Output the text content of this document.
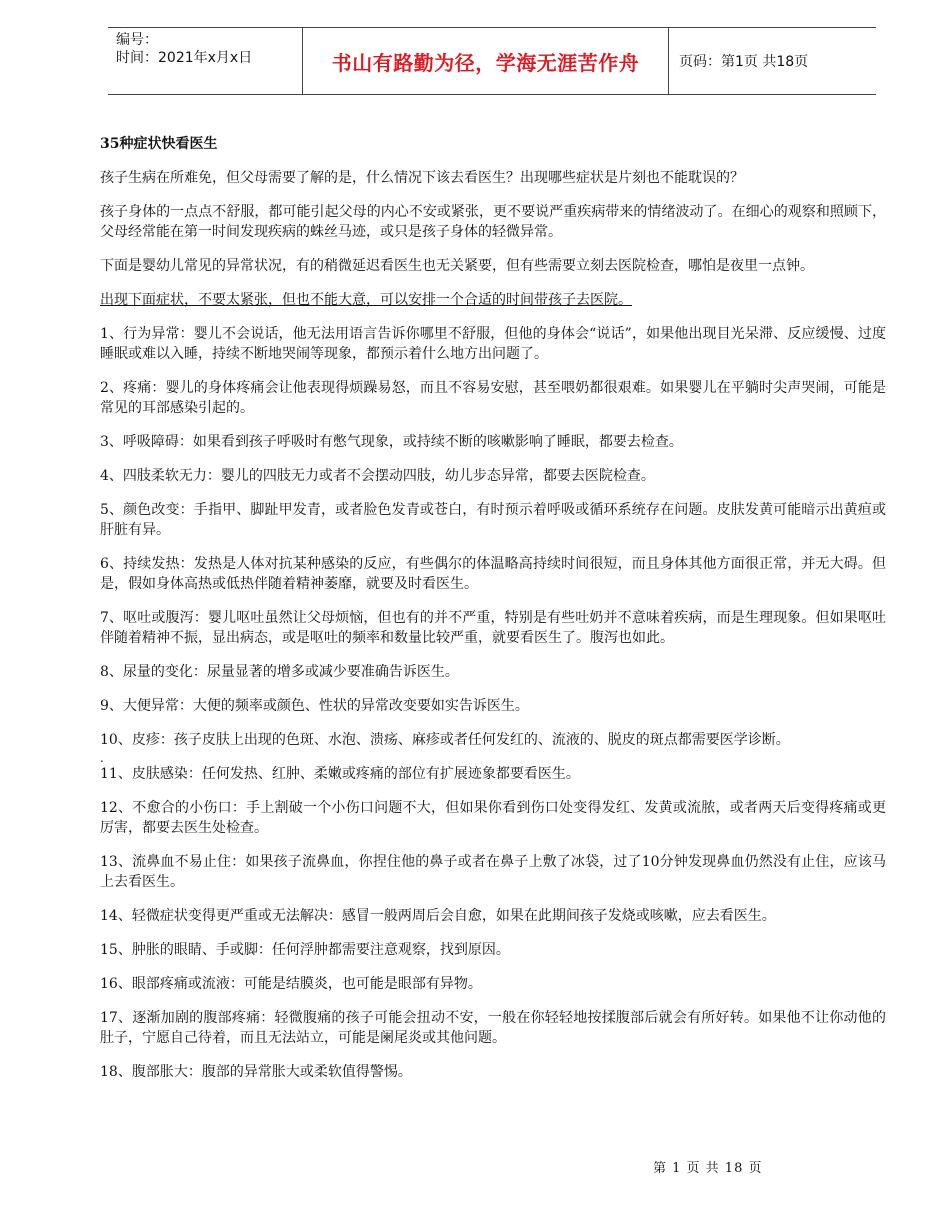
编号：
时间：2021年x月x日	书山有路勤为径，学海无涯苦作舟	页码：第1页 共18页
35种症状快看医生

孩子生病在所难免，但父母需要了解的是，什么情况下该去看医生？出现哪些症状是片刻也不能耽误的？

孩子身体的一点点不舒服，都可能引起父母的内心不安或紧张，更不要说严重疾病带来的情绪波动了。在细心的观察和照顾下，父母经常能在第一时间发现疾病的蛛丝马迹，或只是孩子身体的轻微异常。

下面是婴幼儿常见的异常状况，有的稍微延迟看医生也无关紧要，但有些需要立刻去医院检查，哪怕是夜里一点钟。

出现下面症状，不要太紧张，但也不能大意，可以安排一个合适的时间带孩子去医院。

1、行为异常：婴儿不会说话，他无法用语言告诉你哪里不舒服，但他的身体会“说话”，如果他出现目光呆滞、反应缓慢、过度睡眠或难以入睡，持续不断地哭闹等现象，都预示着什么地方出问题了。

2、疼痛：婴儿的身体疼痛会让他表现得烦躁易怒，而且不容易安慰，甚至喂奶都很艰难。如果婴儿在平躺时尖声哭闹，可能是常见的耳部感染引起的。

3、呼吸障碍：如果看到孩子呼吸时有憋气现象，或持续不断的咳嗽影响了睡眠，都要去检查。

4、四肢柔软无力：婴儿的四肢无力或者不会摆动四肢，幼儿步态异常，都要去医院检查。

5、颜色改变：手指甲、脚趾甲发青，或者脸色发青或苍白，有时预示着呼吸或循环系统存在问题。皮肤发黄可能暗示出黄疸或肝脏有异。

6、持续发热：发热是人体对抗某种感染的反应，有些偶尔的体温略高持续时间很短，而且身体其他方面很正常，并无大碍。但是，假如身体高热或低热伴随着精神萎靡，就要及时看医生。

7、呕吐或腹泻：婴儿呕吐虽然让父母烦恼，但也有的并不严重，特别是有些吐奶并不意味着疾病，而是生理现象。但如果呕吐伴随着精神不振，显出病态，或是呕吐的频率和数量比较严重，就要看医生了。腹泻也如此。

8、尿量的变化：尿量显著的增多或减少要准确告诉医生。

9、大便异常：大便的频率或颜色、性状的异常改变要如实告诉医生。

10、皮疹：孩子皮肤上出现的色斑、水泡、溃疡、麻疹或者任何发红的、流液的、脱皮的斑点都需要医学诊断。

11、皮肤感染：任何发热、红肿、柔嫩或疼痛的部位有扩展迹象都要看医生。

12、不愈合的小伤口：手上割破一个小伤口问题不大，但如果你看到伤口处变得发红、发黄或流脓，或者两天后变得疼痛或更厉害，都要去医生处检查。

13、流鼻血不易止住：如果孩子流鼻血，你捏住他的鼻子或者在鼻子上敷了冰袋，过了10分钟发现鼻血仍然没有止住，应该马上去看医生。

14、轻微症状变得更严重或无法解决：感冒一般两周后会自愈，如果在此期间孩子发烧或咳嗽，应去看医生。

15、肿胀的眼睛、手或脚：任何浮肿都需要注意观察，找到原因。

16、眼部疼痛或流液：可能是结膜炎，也可能是眼部有异物。

17、逐渐加剧的腹部疼痛：轻微腹痛的孩子可能会扭动不安，一般在你轻轻地按揉腹部后就会有所好转。如果他不让你动他的肚子，宁愿自己待着，而且无法站立，可能是阑尾炎或其他问题。

18、腹部胀大：腹部的异常胀大或柔软值得警惕。

.
第 1 页 共 18 页
